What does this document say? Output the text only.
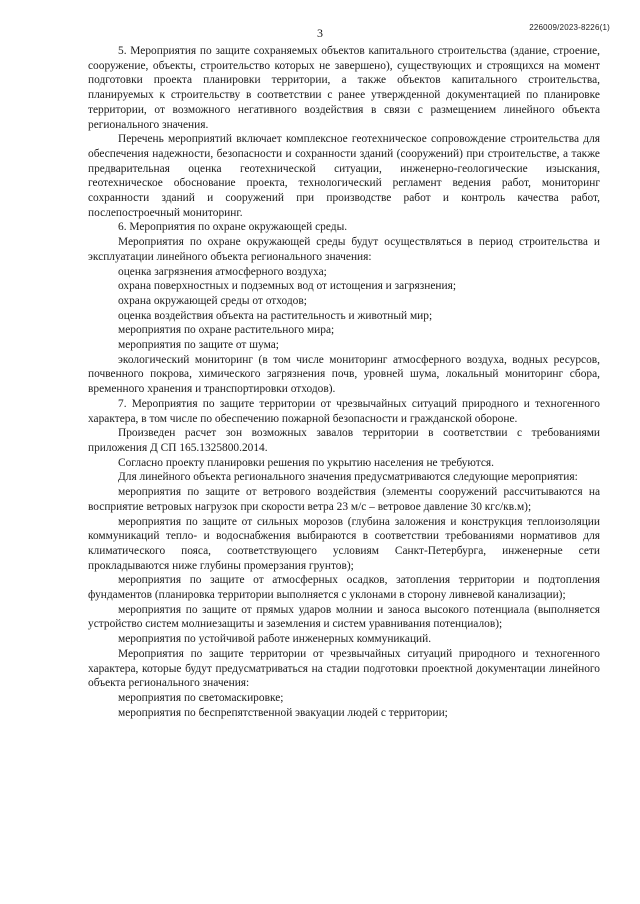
3	226009/2023-8226(1)

5. Мероприятия по защите сохраняемых объектов капитального строительства (здание, строение, сооружение, объекты, строительство которых не завершено), существующих и строящихся на момент подготовки проекта планировки территории, а также объектов капитального строительства, планируемых к строительству в соответствии с ранее утвержденной документацией по планировке территории, от возможного негативного воздействия в связи с размещением линейного объекта регионального значения.

Перечень мероприятий включает комплексное геотехническое сопровождение строительства для обеспечения надежности, безопасности и сохранности зданий (сооружений) при строительстве, а также предварительная оценка геотехнической ситуации, инженерно-геологические изыскания, геотехническое обоснование проекта, технологический регламент ведения работ, мониторинг сохранности зданий и сооружений при производстве работ и контроль качества работ, послепостроечный мониторинг.

6. Мероприятия по охране окружающей среды.

Мероприятия по охране окружающей среды будут осуществляться в период строительства и эксплуатации линейного объекта регионального значения:

оценка загрязнения атмосферного воздуха;

охрана поверхностных и подземных вод от истощения и загрязнения;

охрана окружающей среды от отходов;

оценка воздействия объекта на растительность и животный мир;

мероприятия по охране растительного мира;

мероприятия по защите от шума;

экологический мониторинг (в том числе мониторинг атмосферного воздуха, водных ресурсов, почвенного покрова, химического загрязнения почв, уровней шума, локальный мониторинг сбора, временного хранения и транспортировки отходов).

7. Мероприятия по защите территории от чрезвычайных ситуаций природного и техногенного характера, в том числе по обеспечению пожарной безопасности и гражданской обороне.

Произведен расчет зон возможных завалов территории в соответствии с требованиями приложения Д СП 165.1325800.2014.

Согласно проекту планировки решения по укрытию населения не требуются.

Для линейного объекта регионального значения предусматриваются следующие мероприятия:

мероприятия по защите от ветрового воздействия (элементы сооружений рассчитываются на восприятие ветровых нагрузок при скорости ветра 23 м/с – ветровое давление 30 кгс/кв.м);

мероприятия по защите от сильных морозов (глубина заложения и конструкция теплоизоляции коммуникаций тепло- и водоснабжения выбираются в соответствии требованиями нормативов для климатического пояса, соответствующего условиям Санкт-Петербурга, инженерные сети прокладываются ниже глубины промерзания грунтов);

мероприятия по защите от атмосферных осадков, затопления территории и подтопления фундаментов (планировка территории выполняется с уклонами в сторону ливневой канализации);

мероприятия по защите от прямых ударов молнии и заноса высокого потенциала (выполняется устройство систем молниезащиты и заземления и систем уравнивания потенциалов);

мероприятия по устойчивой работе инженерных коммуникаций.

Мероприятия по защите территории от чрезвычайных ситуаций природного и техногенного характера, которые будут предусматриваться на стадии подготовки проектной документации линейного объекта регионального значения:

мероприятия по светомаскировке;

мероприятия по беспрепятственной эвакуации людей с территории;
